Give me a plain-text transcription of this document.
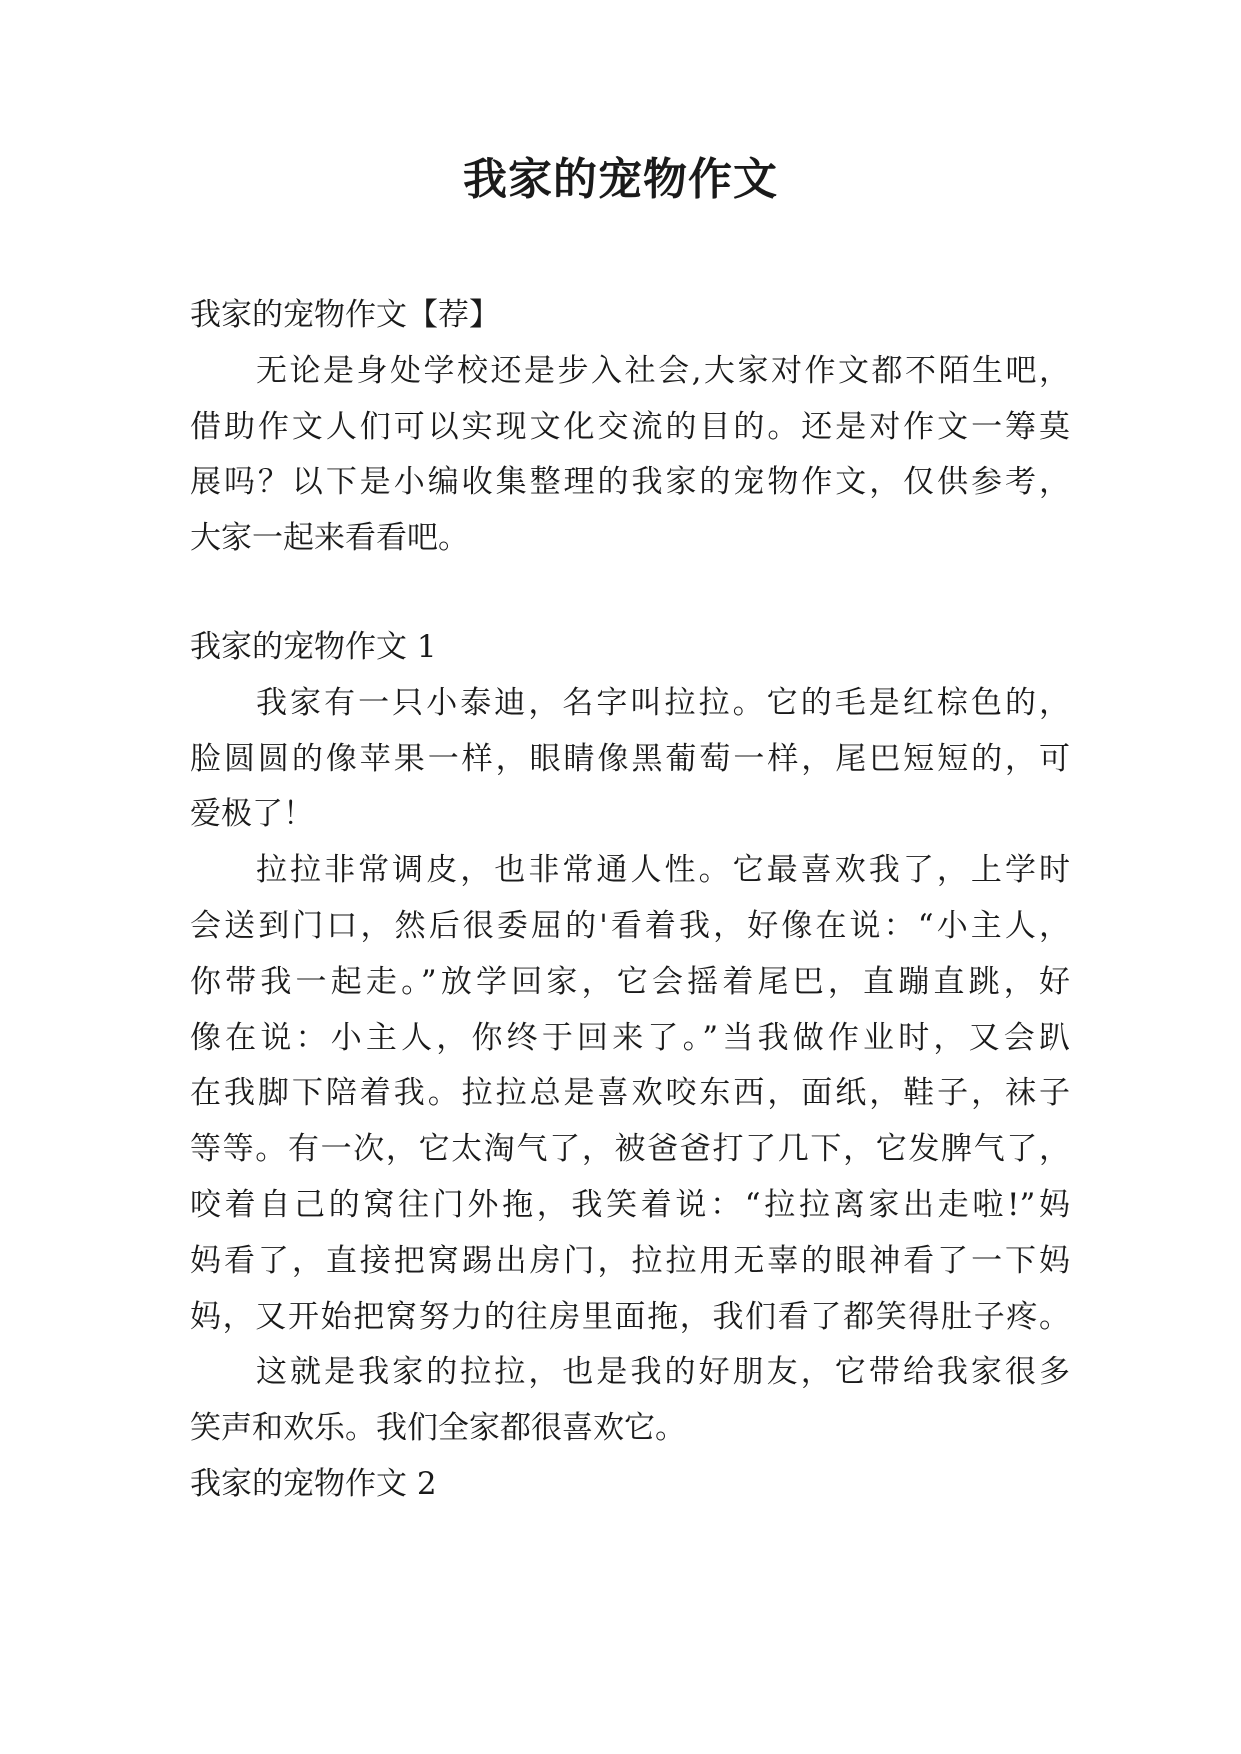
我家的宠物作文

我家的宠物作文【荐】

无论是身处学校还是步入社会,大家对作文都不陌生吧，

借助作文人们可以实现文化交流的目的。还是对作文一筹莫

展吗？以下是小编收集整理的我家的宠物作文，仅供参考，

大家一起来看看吧。

我家的宠物作文 1

我家有一只小泰迪，名字叫拉拉。它的毛是红棕色的，

脸圆圆的像苹果一样，眼睛像黑葡萄一样，尾巴短短的，可

爱极了！

拉拉非常调皮，也非常通人性。它最喜欢我了，上学时

会送到门口，然后很委屈的'看着我，好像在说：“小主人，

你带我一起走。”放学回家，它会摇着尾巴，直蹦直跳，好

像在说：小主人，你终于回来了。”当我做作业时，又会趴

在我脚下陪着我。拉拉总是喜欢咬东西，面纸，鞋子，袜子

等等。有一次，它太淘气了，被爸爸打了几下，它发脾气了，

咬着自己的窝往门外拖，我笑着说：“拉拉离家出走啦!”妈

妈看了，直接把窝踢出房门，拉拉用无辜的眼神看了一下妈

妈，又开始把窝努力的往房里面拖，我们看了都笑得肚子疼。

这就是我家的拉拉，也是我的好朋友，它带给我家很多

笑声和欢乐。我们全家都很喜欢它。

我家的宠物作文 2
